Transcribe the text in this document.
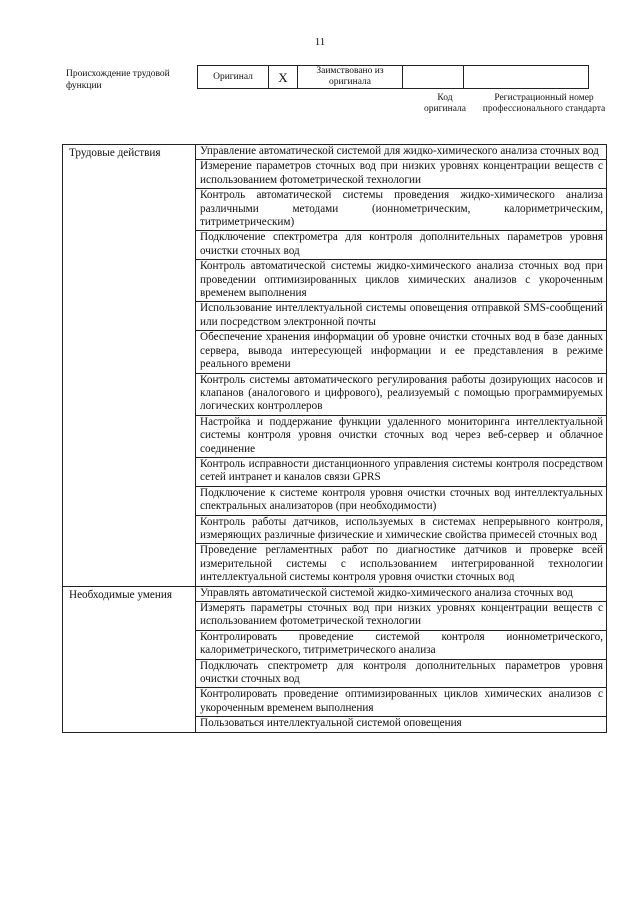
11
Происхождение трудовой функции
Оригинал	X	Заимствовано из оригинала		
Код оригинала
Регистрационный номер профессионального стандарта
Трудовые действия	Управление автоматической системой для жидко-химического анализа сточных вод
	Измерение параметров сточных вод при низких уровнях концентрации веществ с использованием фотометрической технологии
	Контроль автоматической системы проведения жидко-химического анализа различными методами (ионнометрическим, калориметрическим, титриметрическим)
	Подключение спектрометра для контроля дополнительных параметров уровня очистки сточных вод
	Контроль автоматической системы жидко-химического анализа сточных вод при проведении оптимизированных циклов химических анализов с укороченным временем выполнения
	Использование интеллектуальной системы оповещения отправкой SMS-сообщений или посредством электронной почты
	Обеспечение хранения информации об уровне очистки сточных вод в базе данных сервера, вывода интересующей информации и ее представления в режиме реального времени
	Контроль системы автоматического регулирования работы дозирующих насосов и клапанов (аналогового и цифрового), реализуемый с помощью программируемых логических контроллеров
	Настройка и поддержание функции удаленного мониторинга интеллектуальной системы контроля уровня очистки сточных вод через веб-сервер и облачное соединение
	Контроль исправности дистанционного управления системы контроля посредством сетей интранет и каналов связи GPRS
	Подключение к системе контроля уровня очистки сточных вод интеллектуальных спектральных анализаторов (при необходимости)
	Контроль работы датчиков, используемых в системах непрерывного контроля, измеряющих различные физические и химические свойства примесей сточных вод
	Проведение регламентных работ по диагностике датчиков и проверке всей измерительной системы с использованием интегрированной технологии интеллектуальной системы контроля уровня очистки сточных вод
Необходимые умения	Управлять автоматической системой жидко-химического анализа сточных вод
	Измерять параметры сточных вод при низких уровнях концентрации веществ с использованием фотометрической технологии
	Контролировать проведение системой контроля ионнометрического, калориметрического, титриметрического анализа
	Подключать спектрометр для контроля дополнительных параметров уровня очистки сточных вод
	Контролировать проведение оптимизированных циклов химических анализов с укороченным временем выполнения
	Пользоваться интеллектуальной системой оповещения
